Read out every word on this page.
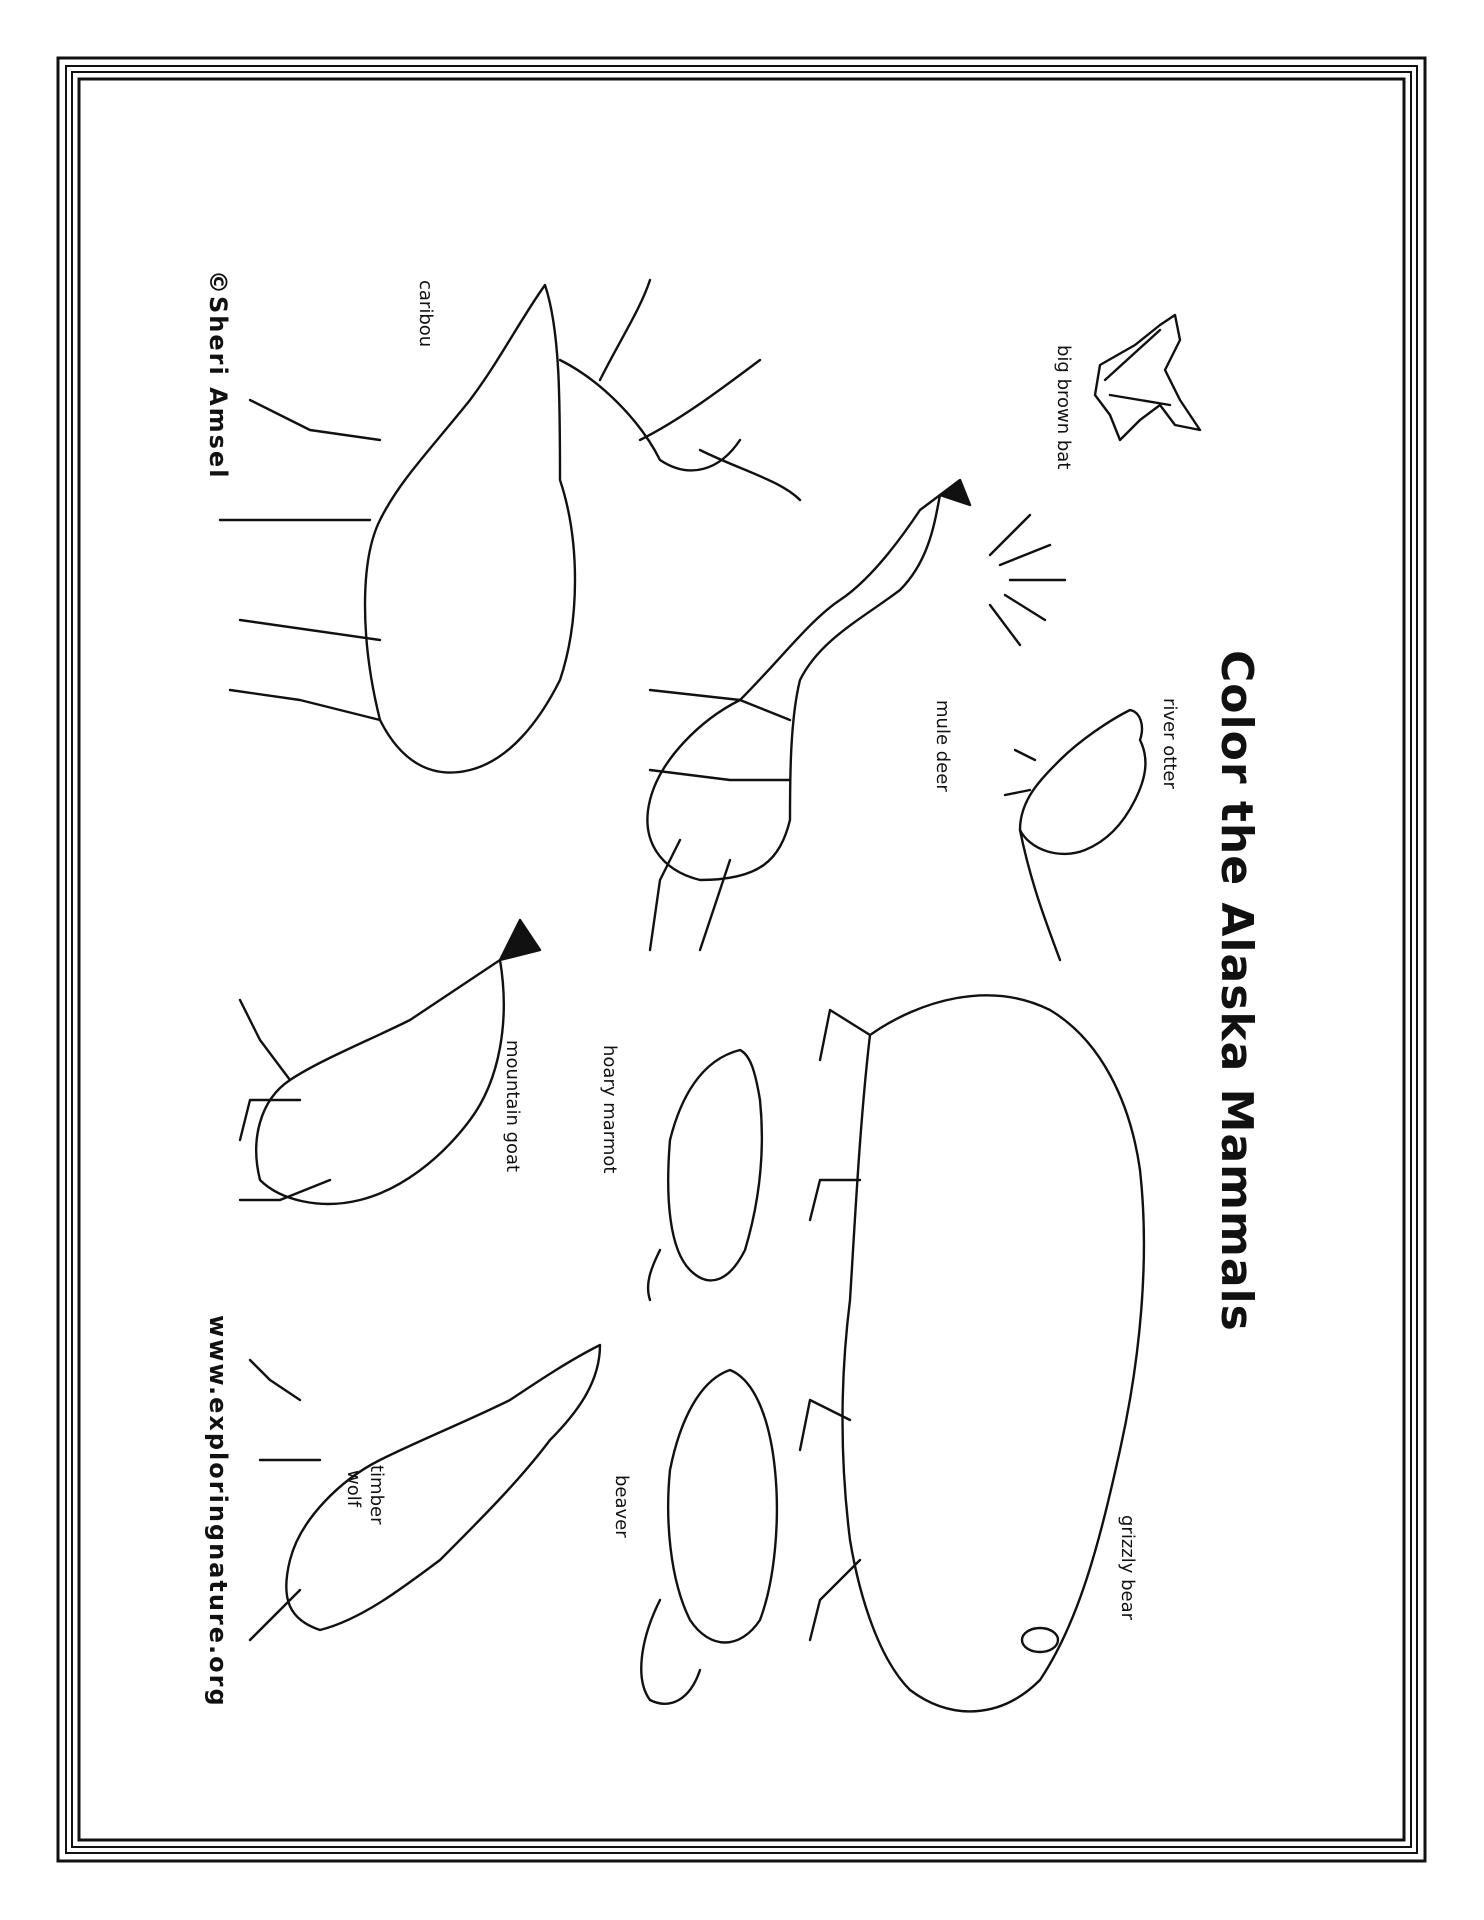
Color the Alaska Mammals
big brown bat
river otter
mule deer
caribou
grizzly bear
hoary marmot
mountain goat
beaver
timber
wolf
©Sheri Amsel
www.exploringnature.org
